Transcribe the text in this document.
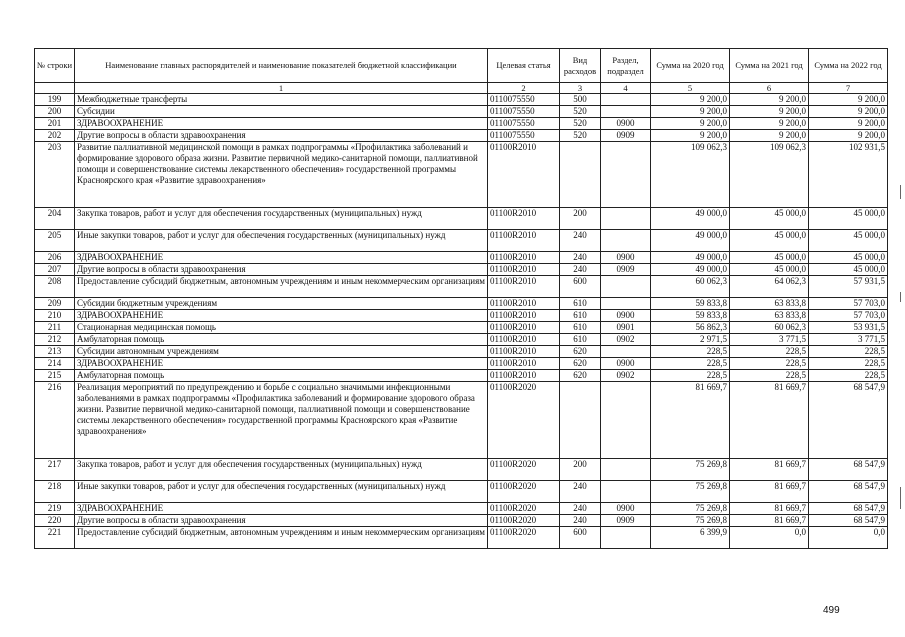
№ строки	Наименование главных распорядителей и наименование показателей бюджетной классификации	Целевая статья	Вид расходов	Раздел, подраздел	Сумма на 2020 год	Сумма на 2021 год	Сумма на 2022 год
	1	2	3	4	5	6	7
199	Межбюджетные трансферты	0110075550	500		9 200,0	9 200,0	9 200,0
200	Субсидии	0110075550	520		9 200,0	9 200,0	9 200,0
201	ЗДРАВООХРАНЕНИЕ	0110075550	520	0900	9 200,0	9 200,0	9 200,0
202	Другие вопросы в области здравоохранения	0110075550	520	0909	9 200,0	9 200,0	9 200,0
203	Развитие паллиативной медицинской помощи в рамках подпрограммы «Профилактика заболеваний и формирование здорового образа жизни. Развитие первичной медико-санитарной помощи, паллиативной помощи и совершенствование системы лекарственного обеспечения» государственной программы Красноярского края «Развитие здравоохранения»	01100R2010			109 062,3	109 062,3	102 931,5
204	Закупка товаров, работ и услуг для обеспечения государственных (муниципальных) нужд	01100R2010	200		49 000,0	45 000,0	45 000,0
205	Иные закупки товаров, работ и услуг для обеспечения государственных (муниципальных) нужд	01100R2010	240		49 000,0	45 000,0	45 000,0
206	ЗДРАВООХРАНЕНИЕ	01100R2010	240	0900	49 000,0	45 000,0	45 000,0
207	Другие вопросы в области здравоохранения	01100R2010	240	0909	49 000,0	45 000,0	45 000,0
208	Предоставление субсидий бюджетным, автономным учреждениям и иным некоммерческим организациям	01100R2010	600		60 062,3	64 062,3	57 931,5
209	Субсидии бюджетным учреждениям	01100R2010	610		59 833,8	63 833,8	57 703,0
210	ЗДРАВООХРАНЕНИЕ	01100R2010	610	0900	59 833,8	63 833,8	57 703,0
211	Стационарная медицинская помощь	01100R2010	610	0901	56 862,3	60 062,3	53 931,5
212	Амбулаторная помощь	01100R2010	610	0902	2 971,5	3 771,5	3 771,5
213	Субсидии автономным учреждениям	01100R2010	620		228,5	228,5	228,5
214	ЗДРАВООХРАНЕНИЕ	01100R2010	620	0900	228,5	228,5	228,5
215	Амбулаторная помощь	01100R2010	620	0902	228,5	228,5	228,5
216	Реализация мероприятий по предупреждению и борьбе с социально значимыми инфекционными заболеваниями в рамках подпрограммы «Профилактика заболеваний и формирование здорового образа жизни. Развитие первичной медико-санитарной помощи, паллиативной помощи и совершенствование системы лекарственного обеспечения» государственной программы Красноярского края «Развитие здравоохранения»	01100R2020			81 669,7	81 669,7	68 547,9
217	Закупка товаров, работ и услуг для обеспечения государственных (муниципальных) нужд	01100R2020	200		75 269,8	81 669,7	68 547,9
218	Иные закупки товаров, работ и услуг для обеспечения государственных (муниципальных) нужд	01100R2020	240		75 269,8	81 669,7	68 547,9
219	ЗДРАВООХРАНЕНИЕ	01100R2020	240	0900	75 269,8	81 669,7	68 547,9
220	Другие вопросы в области здравоохранения	01100R2020	240	0909	75 269,8	81 669,7	68 547,9
221	Предоставление субсидий бюджетным, автономным учреждениям и иным некоммерческим организациям	01100R2020	600		6 399,9	0,0	0,0
499
